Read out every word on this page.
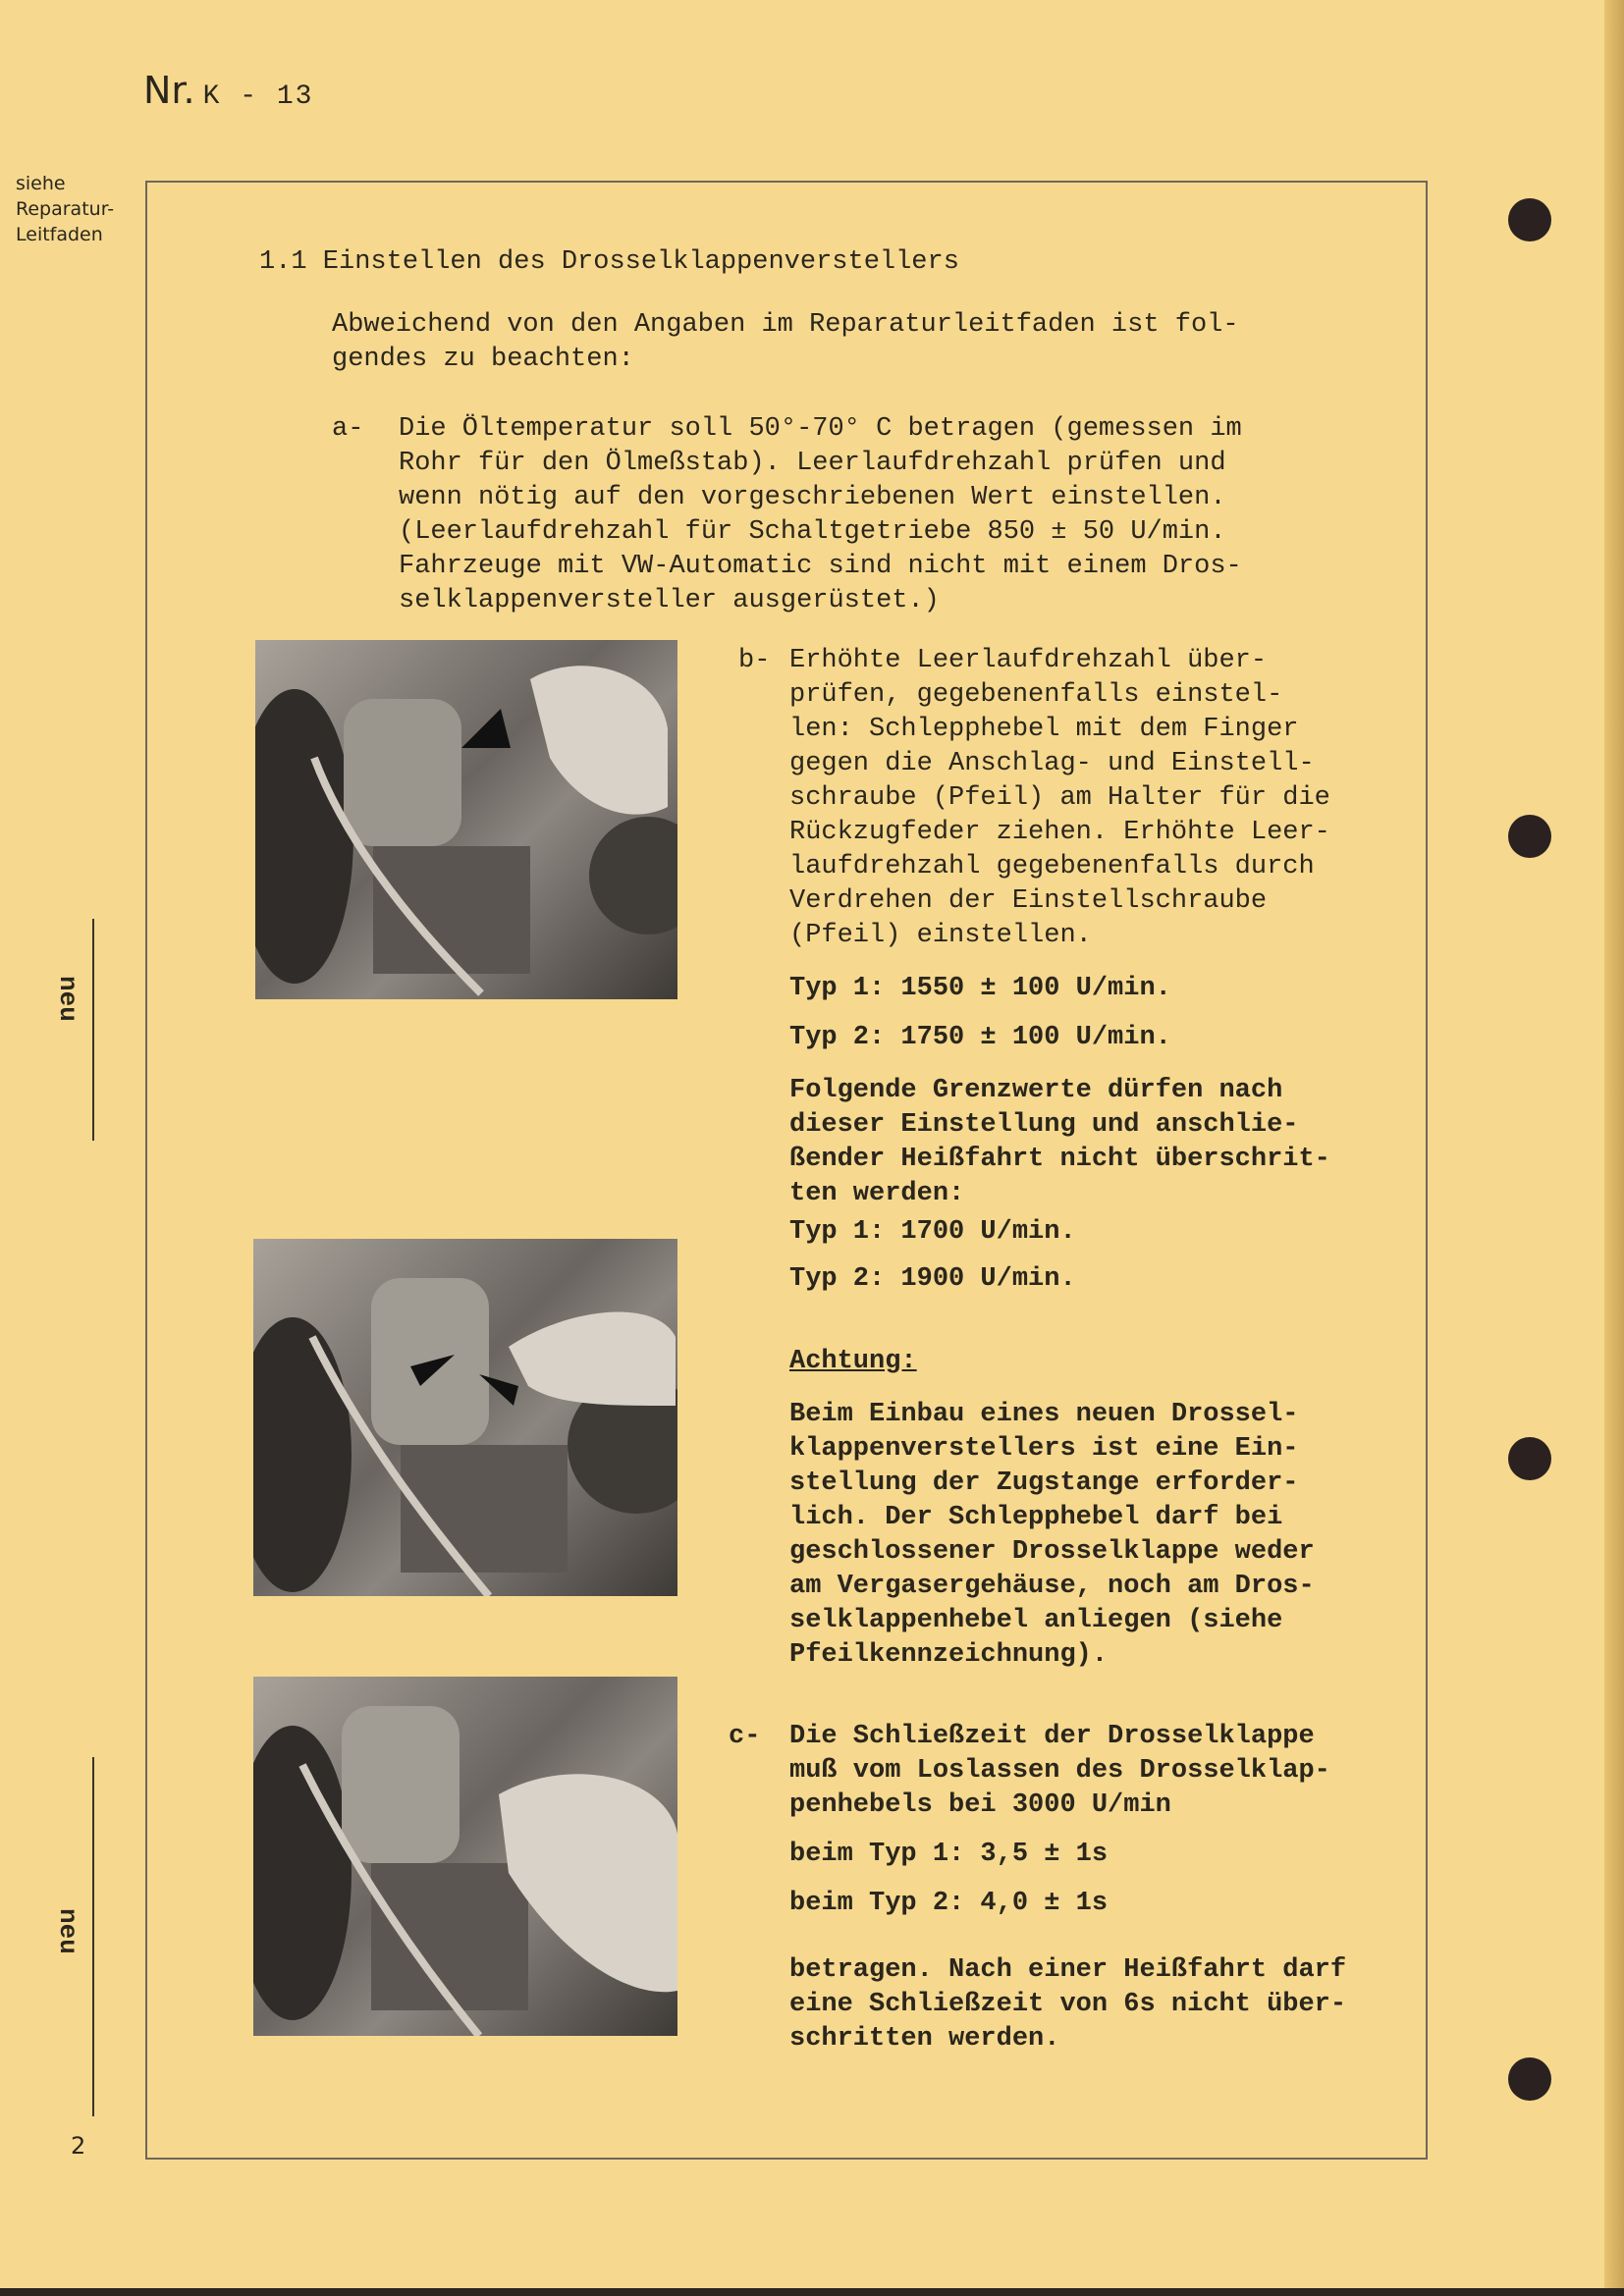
Nr. K - 13
siehe
Reparatur-
Leitfaden
neu
neu
2
1.1 Einstellen des Drosselklappenverstellers
Abweichend von den Angaben im Reparaturleitfaden ist fol-
gendes zu beachten:
a- Die Öltemperatur soll 50°-70° C betragen (gemessen im
Rohr für den Ölmeßstab). Leerlaufdrehzahl prüfen und
wenn nötig auf den vorgeschriebenen Wert einstellen.
(Leerlaufdrehzahl für Schaltgetriebe 850 ± 50 U/min.
Fahrzeuge mit VW-Automatic sind nicht mit einem Dros-
selklappenversteller ausgerüstet.)
b- Erhöhte Leerlaufdrehzahl über-
prüfen, gegebenenfalls einstel-
len: Schlepphebel mit dem Finger
gegen die Anschlag- und Einstell-
schraube (Pfeil) am Halter für die
Rückzugfeder ziehen. Erhöhte Leer-
laufdrehzahl gegebenenfalls durch
Verdrehen der Einstellschraube
(Pfeil) einstellen.
Typ 1: 1550 ± 100 U/min.
Typ 2: 1750 ± 100 U/min.
Folgende Grenzwerte dürfen nach
dieser Einstellung und anschlie-
ßender Heißfahrt nicht überschrit-
ten werden:
Typ 1: 1700 U/min.
Typ 2: 1900 U/min.
Achtung:
Beim Einbau eines neuen Drossel-
klappenverstellers ist eine Ein-
stellung der Zugstange erforder-
lich. Der Schlepphebel darf bei
geschlossener Drosselklappe weder
am Vergasergehäuse, noch am Dros-
selklappenhebel anliegen (siehe
Pfeilkennzeichnung).
c- Die Schließzeit der Drosselklappe
muß vom Loslassen des Drosselklap-
penhebels bei 3000 U/min
beim Typ 1: 3,5 ± 1s
beim Typ 2: 4,0 ± 1s
betragen. Nach einer Heißfahrt darf
eine Schließzeit von 6s nicht über-
schritten werden.
